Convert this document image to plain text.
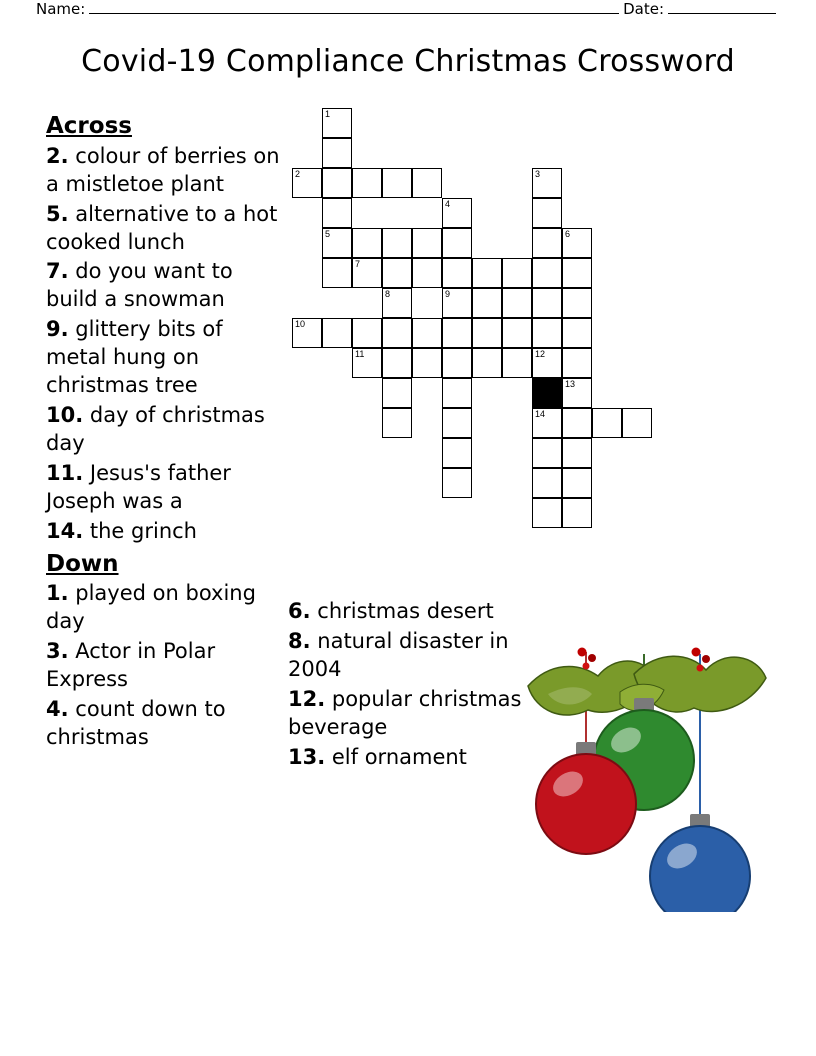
Name:	Date:
Covid-19 Compliance Christmas Crossword
Across

2. colour of berries on a mistletoe plant

5. alternative to a hot cooked lunch

7. do you want to build a snowman

9. glittery bits of metal hung on christmas tree

10. day of christmas day

11. Jesus's father Joseph was a

14. the grinch

Down

1. played on boxing day

3. Actor in Polar Express

4. count down to christmas

6. christmas desert

8. natural disaster in 2004

12. popular christmas beverage

13. elf ornament

1
2	3
4
5	6
7
8	9
10
11	12
13
14
